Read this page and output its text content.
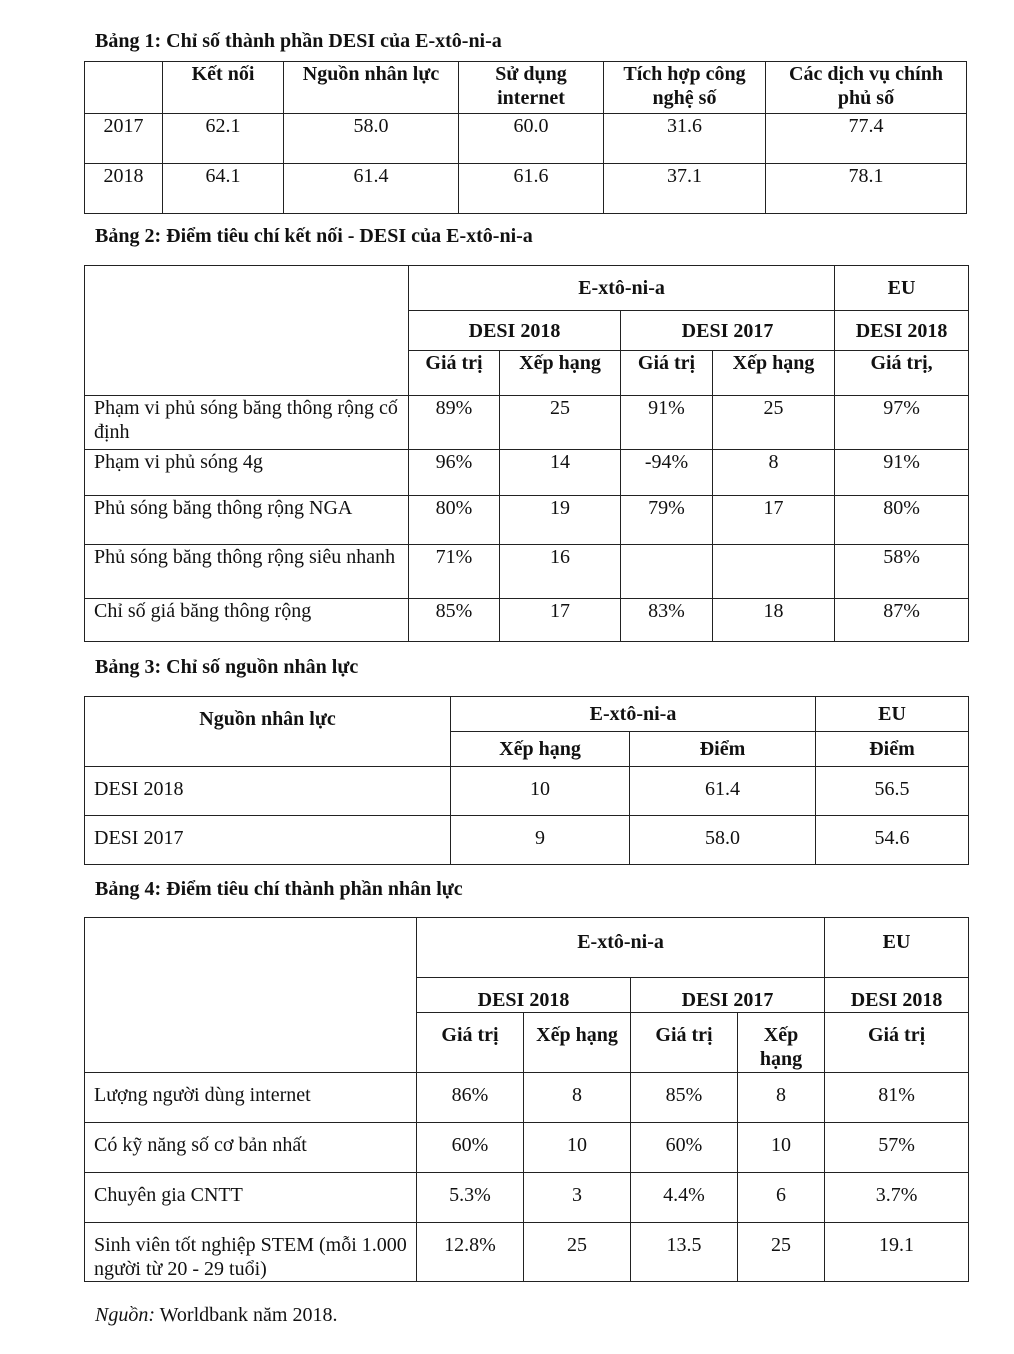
Bảng 1: Chỉ số thành phần DESI của E-xtô-ni-a
	Kết nối	Nguồn nhân lực	Sử dụng internet	Tích hợp công nghệ số	Các dịch vụ chính phủ số
2017	62.1	58.0	60.0	31.6	77.4
2018	64.1	61.4	61.6	37.1	78.1
Bảng 2: Điểm tiêu chí kết nối - DESI của E-xtô-ni-a
	E-xtô-ni-a				EU
	DESI 2018		DESI 2017		DESI 2018
	Giá trị	Xếp hạng	Giá trị	Xếp hạng	Giá trị,
Phạm vi phủ sóng băng thông rộng cố định	89%	25	91%	25	97%
Phạm vi phủ sóng 4g	96%	14	-94%	8	91%
Phủ sóng băng thông rộng NGA	80%	19	79%	17	80%
Phủ sóng băng thông rộng siêu nhanh	71%	16			58%
Chỉ số giá băng thông rộng	85%	17	83%	18	87%
Bảng 3: Chỉ số nguồn nhân lực
Nguồn nhân lực	E-xtô-ni-a		EU
	Xếp hạng	Điểm	Điểm
DESI 2018	10	61.4	56.5
DESI 2017	9	58.0	54.6
Bảng 4: Điểm tiêu chí thành phần nhân lực
	E-xtô-ni-a				EU
	DESI 2018		DESI 2017		DESI 2018
	Giá trị	Xếp hạng	Giá trị	Xếp hạng	Giá trị
Lượng người dùng internet	86%	8	85%	8	81%
Có kỹ năng số cơ bản nhất	60%	10	60%	10	57%
Chuyên gia CNTT	5.3%	3	4.4%	6	3.7%
Sinh viên tốt nghiệp STEM (mỗi 1.000 người từ 20 - 29 tuổi)	12.8%	25	13.5	25	19.1
Nguồn: Worldbank năm 2018.
